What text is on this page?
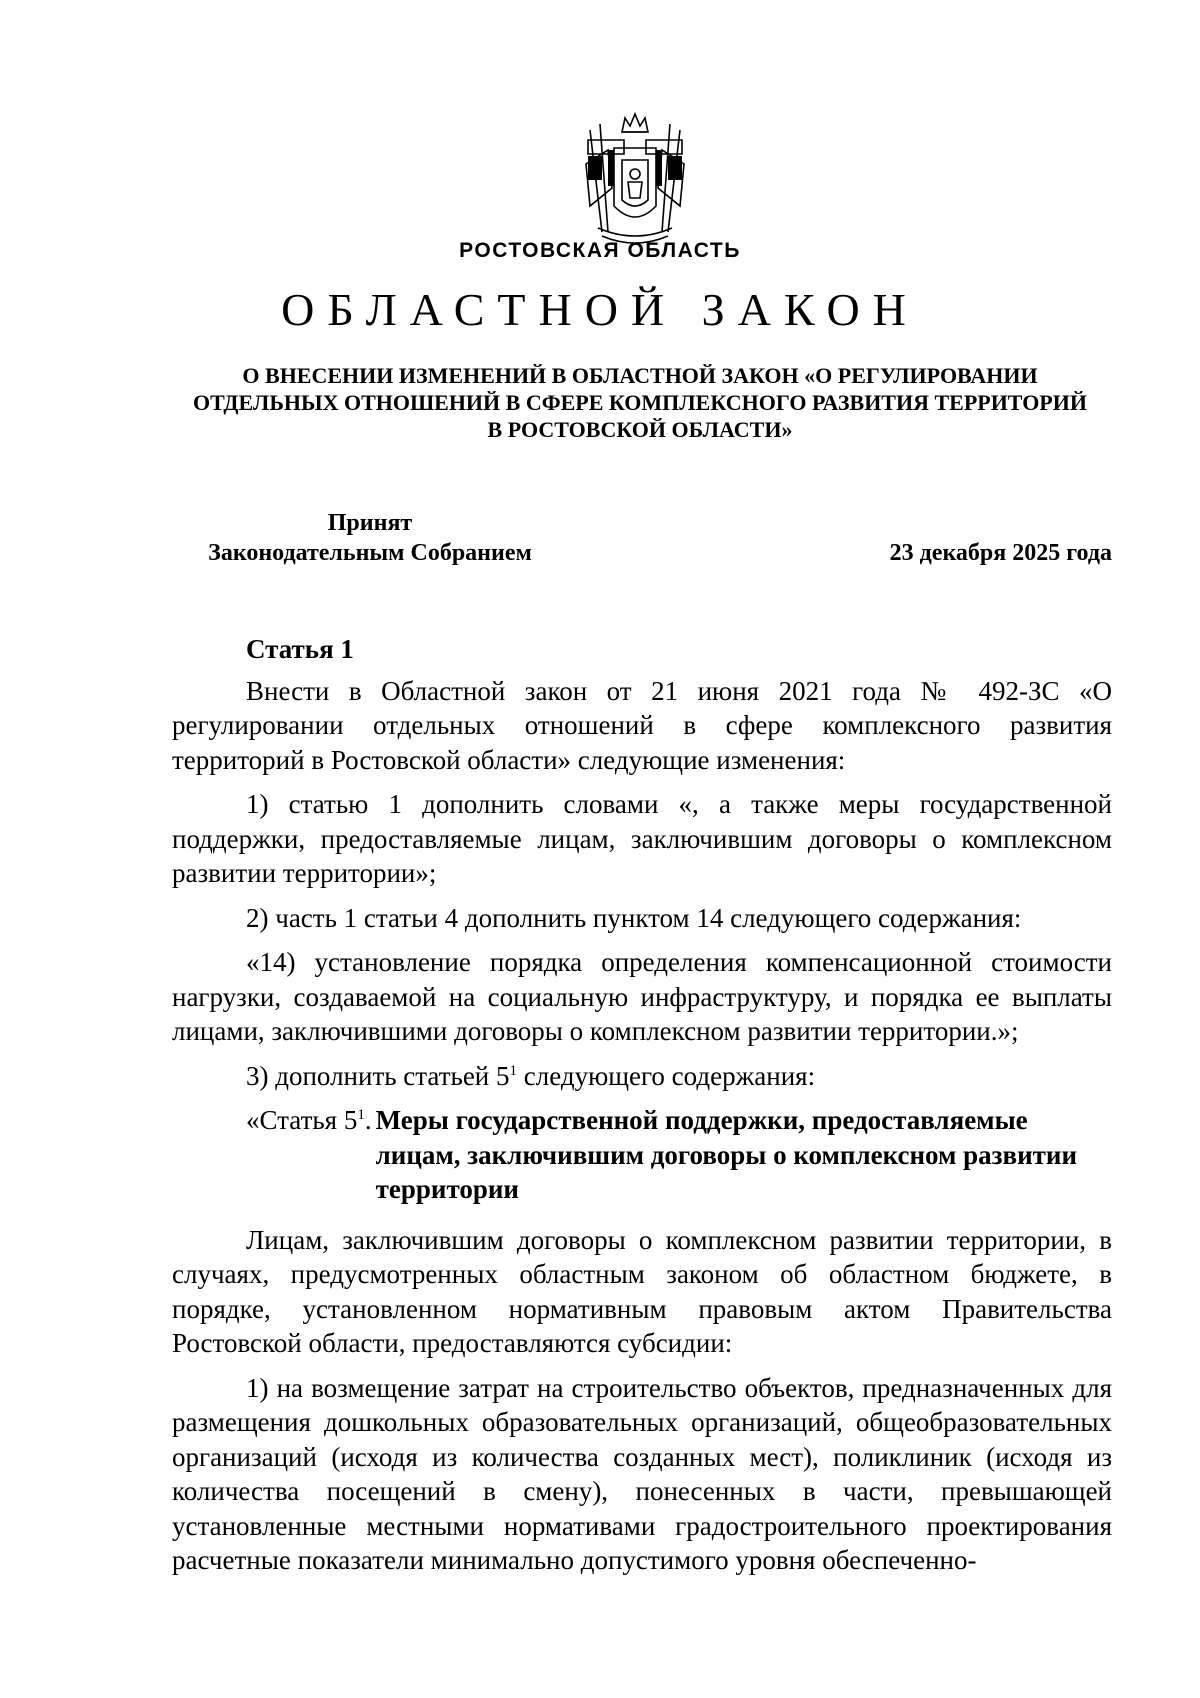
РОСТОВСКАЯ ОБЛАСТЬ
ОБЛАСТНОЙ ЗАКОН
О ВНЕСЕНИИ ИЗМЕНЕНИЙ В ОБЛАСТНОЙ ЗАКОН «О РЕГУЛИРОВАНИИ ОТДЕЛЬНЫХ ОТНОШЕНИЙ В СФЕРЕ КОМПЛЕКСНОГО РАЗВИТИЯ ТЕРРИТОРИЙ В РОСТОВСКОЙ ОБЛАСТИ»
Принят
Законодательным Собранием	23 декабря 2025 года
Статья 1

Внести в Областной закон от 21 июня 2021 года № 492-ЗС «О регулировании отдельных отношений в сфере комплексного развития территорий в Ростовской области» следующие изменения:

1) статью 1 дополнить словами «, а также меры государственной поддержки, предоставляемые лицам, заключившим договоры о комплексном развитии территории»;

2) часть 1 статьи 4 дополнить пунктом 14 следующего содержания:

«14) установление порядка определения компенсационной стоимости нагрузки, создаваемой на социальную инфраструктуру, и порядка ее выплаты лицами, заключившими договоры о комплексном развитии территории.»;

3) дополнить статьей $5^1$ следующего содержания:

«Статья $5^1$. Меры государственной поддержки, предоставляемые лицам, заключившим договоры о комплексном развитии территории

Лицам, заключившим договоры о комплексном развитии территории, в случаях, предусмотренных областным законом об областном бюджете, в порядке, установленном нормативным правовым актом Правительства Ростовской области, предоставляются субсидии:

1) на возмещение затрат на строительство объектов, предназначенных для размещения дошкольных образовательных организаций, общеобразовательных организаций (исходя из количества созданных мест), поликлиник (исходя из количества посещений в смену), понесенных в части, превышающей установленные местными нормативами градостроительного проектирования расчетные показатели минимально допустимого уровня обеспеченно-
